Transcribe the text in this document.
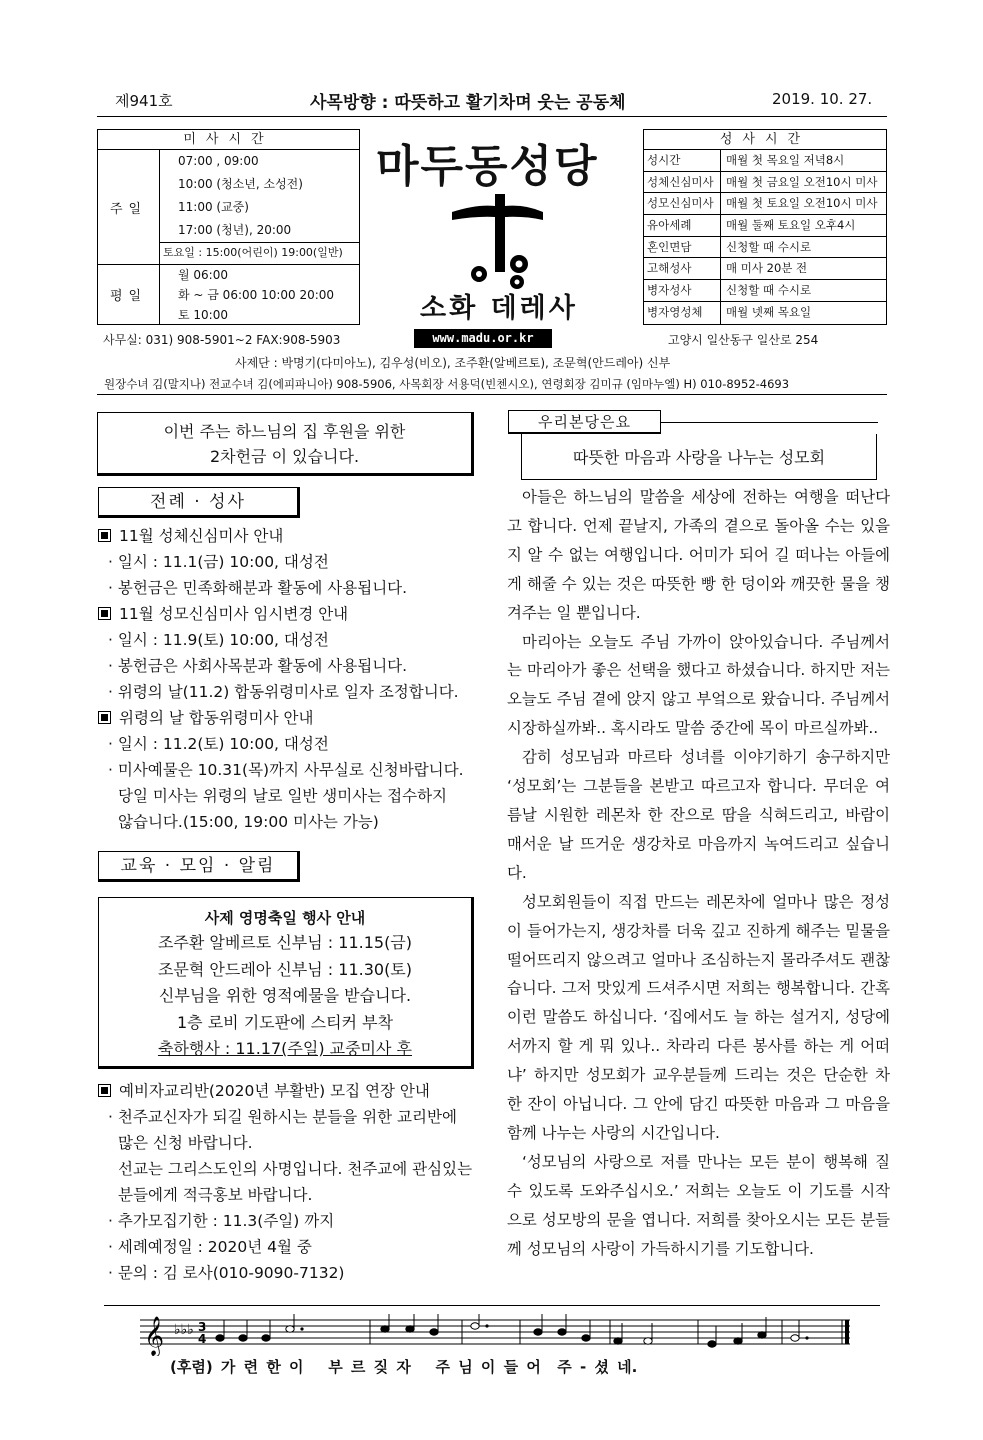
제941호	사목방향 : 따뜻하고 활기차며 웃는 공동체	2019. 10. 27.
미사시간
주일
07:00 , 09:00
10:00 (청소년, 소성전)
11:00 (교중)
17:00 (청년), 20:00
토요일 : 15:00(어린이) 19:00(일반)
평일
월 06:00
화 ~ 금 06:00 10:00 20:00
토 10:00
마두동성당
소화 데레사
성사시간
성시간	매월 첫 목요일 저녁8시
성체신심미사	매월 첫 금요일 오전10시 미사
성모신심미사	매월 첫 토요일 오전10시 미사
유아세례	매월 둘째 토요일 오후4시
혼인면담	신청할 때 수시로
고해성사	매 미사 20분 전
병자성사	신청할 때 수시로
병자영성체	매월 넷째 목요일
사무실: 031) 908-5901~2 FAX:908-5903	www.madu.or.kr	고양시 일산동구 일산로 254
사제단 : 박명기(다미아노), 김우성(비오), 조주환(알베르토), 조문혁(안드레아) 신부
원장수녀 김(말지나) 전교수녀 김(에피파니아) 908-5906, 사목회장 서용덕(빈첸시오), 연령회장 김미규 (임마누엘) H) 010-8952-4693
이번 주는 하느님의 집 후원을 위한
2차헌금 이 있습니다.
전례 · 성사
11월 성체신심미사 안내
· 일시 : 11.1(금) 10:00, 대성전
· 봉헌금은 민족화해분과 활동에 사용됩니다.
11월 성모신심미사 임시변경 안내
· 일시 : 11.9(토) 10:00, 대성전
· 봉헌금은 사회사목분과 활동에 사용됩니다.
· 위령의 날(11.2) 합동위령미사로 일자 조정합니다.
위령의 날 합동위령미사 안내
· 일시 : 11.2(토) 10:00, 대성전
· 미사예물은 10.31(목)까지 사무실로 신청바랍니다.
당일 미사는 위령의 날로 일반 생미사는 접수하지
않습니다.(15:00, 19:00 미사는 가능)
교육 · 모임 · 알림
사제 영명축일 행사 안내
조주환 알베르토 신부님 : 11.15(금)
조문혁 안드레아 신부님 : 11.30(토)
신부님을 위한 영적예물을 받습니다.
1층 로비 기도판에 스티커 부착
축하행사 : 11.17(주일) 교중미사 후
예비자교리반(2020년 부활반) 모집 연장 안내
· 천주교신자가 되길 원하시는 분들을 위한 교리반에
많은 신청 바랍니다.
선교는 그리스도인의 사명입니다. 천주교에 관심있는
분들에게 적극홍보 바랍니다.
· 추가모집기한 : 11.3(주일) 까지
· 세례예정일 : 2020년 4월 중
· 문의 : 김 로사(010-9090-7132)
우리본당은요
따뜻한 마음과 사랑을 나누는 성모회

아들은 하느님의 말씀을 세상에 전하는 여행을 떠난다고 합니다. 언제 끝날지, 가족의 곁으로 돌아올 수는 있을지 알 수 없는 여행입니다. 어미가 되어 길 떠나는 아들에게 해줄 수 있는 것은 따뜻한 빵 한 덩이와 깨끗한 물을 챙겨주는 일 뿐입니다.

마리아는 오늘도 주님 가까이 앉아있습니다. 주님께서는 마리아가 좋은 선택을 했다고 하셨습니다. 하지만 저는 오늘도 주님 곁에 앉지 않고 부엌으로 왔습니다. 주님께서 시장하실까봐.. 혹시라도 말씀 중간에 목이 마르실까봐..

감히 성모님과 마르타 성녀를 이야기하기 송구하지만 ‘성모회’는 그분들을 본받고 따르고자 합니다. 무더운 여름날 시원한 레몬차 한 잔으로 땀을 식혀드리고, 바람이 매서운 날 뜨거운 생강차로 마음까지 녹여드리고 싶습니다.

성모회원들이 직접 만드는 레몬차에 얼마나 많은 정성이 들어가는지, 생강차를 더욱 깊고 진하게 해주는 밑물을 떨어뜨리지 않으려고 얼마나 조심하는지 몰라주셔도 괜찮습니다. 그저 맛있게 드셔주시면 저희는 행복합니다. 간혹 이런 말씀도 하십니다. ‘집에서도 늘 하는 설거지, 성당에서까지 할 게 뭐 있나.. 차라리 다른 봉사를 하는 게 어떠냐’ 하지만 성모회가 교우분들께 드리는 것은 단순한 차 한 잔이 아닙니다. 그 안에 담긴 따뜻한 마음과 그 마음을 함께 나누는 사랑의 시간입니다.

‘성모님의 사랑으로 저를 만나는 모든 분이 행복해 질 수 있도록 도와주십시오.’ 저희는 오늘도 이 기도를 시작으로 성모방의 문을 엽니다. 저희를 찾아오시는 모든 분들께 성모님의 사랑이 가득하시기를 기도합니다.

𝄞 ♭♭♭ 3
4
(후렴) 가 련 한 이   부 르 짖 자   주 님 이 들 어  주 - 셨 네.
